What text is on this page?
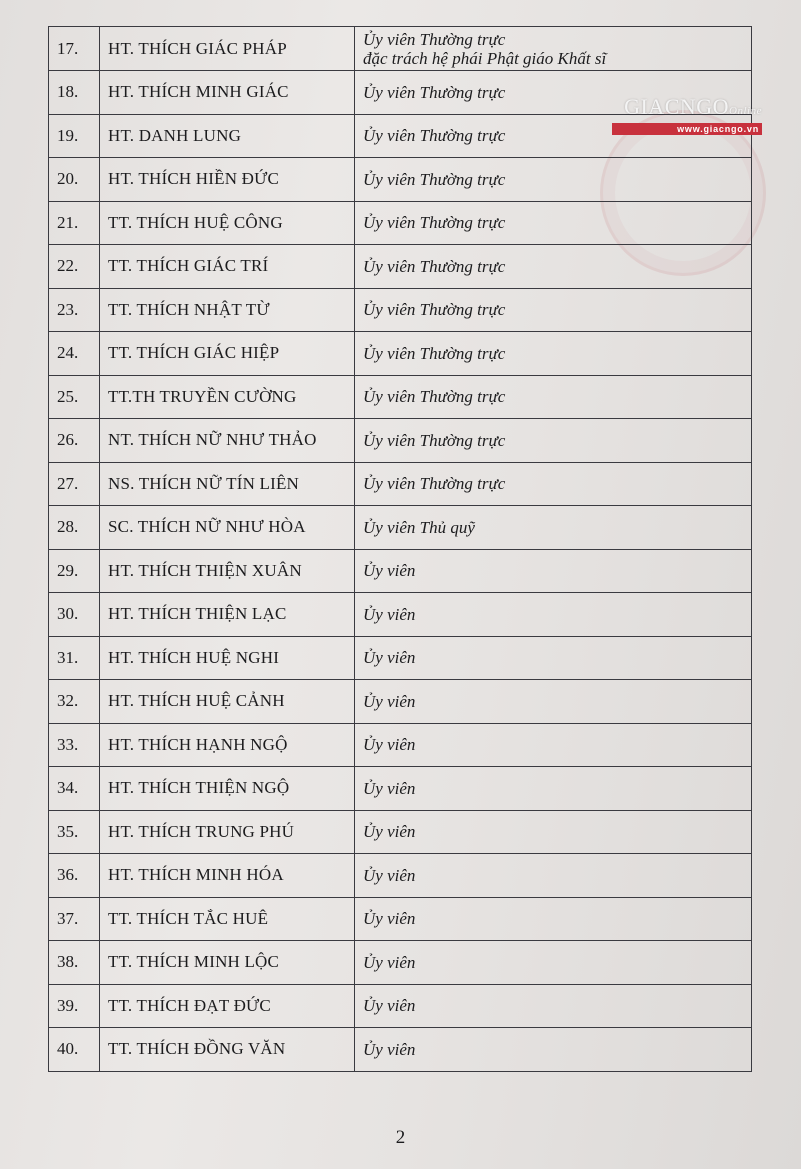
17.	HT. THÍCH GIÁC PHÁP	Ủy viên Thường trực
đặc trách hệ phái Phật giáo Khất sĩ

18.	HT. THÍCH MINH GIÁC	Ủy viên Thường trực

19.	HT. DANH LUNG	Ủy viên Thường trực

20.	HT. THÍCH HIỀN ĐỨC	Ủy viên Thường trực

21.	TT. THÍCH HUỆ CÔNG	Ủy viên Thường trực

22.	TT. THÍCH GIÁC TRÍ	Ủy viên Thường trực

23.	TT. THÍCH NHẬT TỪ	Ủy viên Thường trực

24.	TT. THÍCH GIÁC HIỆP	Ủy viên Thường trực

25.	TT.TH TRUYỀN CƯỜNG	Ủy viên Thường trực

26.	NT. THÍCH NỮ NHƯ THẢO	Ủy viên Thường trực

27.	NS. THÍCH NỮ TÍN LIÊN	Ủy viên Thường trực

28.	SC. THÍCH NỮ NHƯ HÒA	Ủy viên Thủ quỹ

29.	HT. THÍCH THIỆN XUÂN	Ủy viên

30.	HT. THÍCH THIỆN LẠC	Ủy viên

31.	HT. THÍCH HUỆ NGHI	Ủy viên

32.	HT. THÍCH HUỆ CẢNH	Ủy viên

33.	HT. THÍCH HẠNH NGỘ	Ủy viên

34.	HT. THÍCH THIỆN NGỘ	Ủy viên

35.	HT. THÍCH TRUNG PHÚ	Ủy viên

36.	HT. THÍCH MINH HÓA	Ủy viên

37.	TT. THÍCH TẮC HUÊ	Ủy viên

38.	TT. THÍCH MINH LỘC	Ủy viên

39.	TT. THÍCH ĐẠT ĐỨC	Ủy viên

40.	TT. THÍCH ĐỒNG VĂN	Ủy viên
GIACNGOOnline
www.giacngo.vn
2
